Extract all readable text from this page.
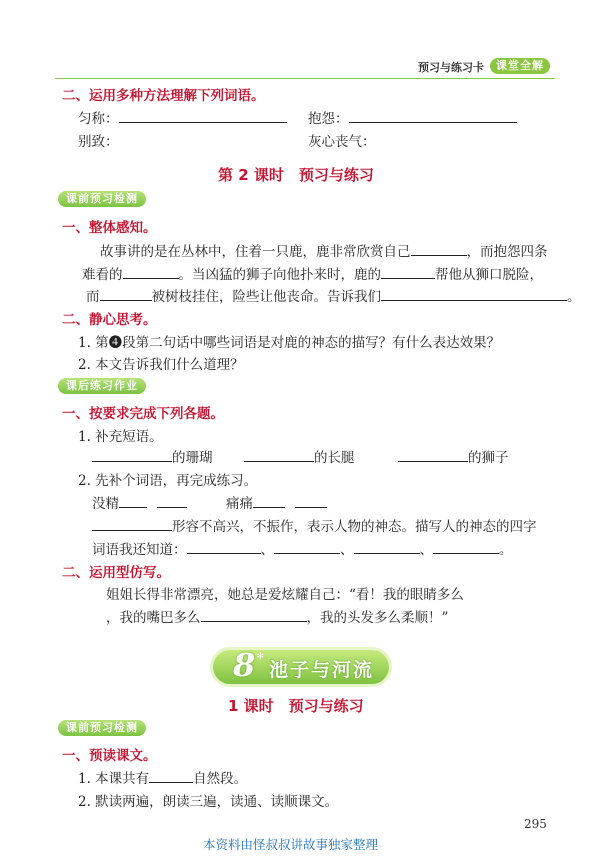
预习与练习卡	课堂全解
二、运用多种方法理解下列词语。
匀称：	抱怨：
别致：	灰心丧气：
第 2 课时　预习与练习
课前预习检测
一、整体感知。
故事讲的是在丛林中，住着一只鹿，鹿非常欣赏自己	，而抱怨四条
难看的	。当凶猛的狮子向他扑来时，鹿的	帮他从狮口脱险，
而	被树枝挂住，险些让他丧命。告诉我们	。
二、静心思考。
1. 第❹段第二句话中哪些词语是对鹿的神态的描写？有什么表达效果？
2. 本文告诉我们什么道理？
课后练习作业
一、按要求完成下列各题。
1. 补充短语。
的珊瑚	的长腿	的狮子
2. 先补个词语，再完成练习。
没精	痛痛
形容不高兴，不振作，表示人物的神态。描写人的神态的四字
词语我还知道：	、	、	、	。
二、运用型仿写。
姐姐长得非常漂亮，她总是爱炫耀自己：“看！我的眼睛多么
，我的嘴巴多么	，我的头发多么柔顺！”
8 *
池子与河流
1 课时　预习与练习
课前预习检测
一、预读课文。
1. 本课共有	自然段。
2. 默读两遍，朗读三遍，读通、读顺课文。
295
本资料由怪叔叔讲故事独家整理
